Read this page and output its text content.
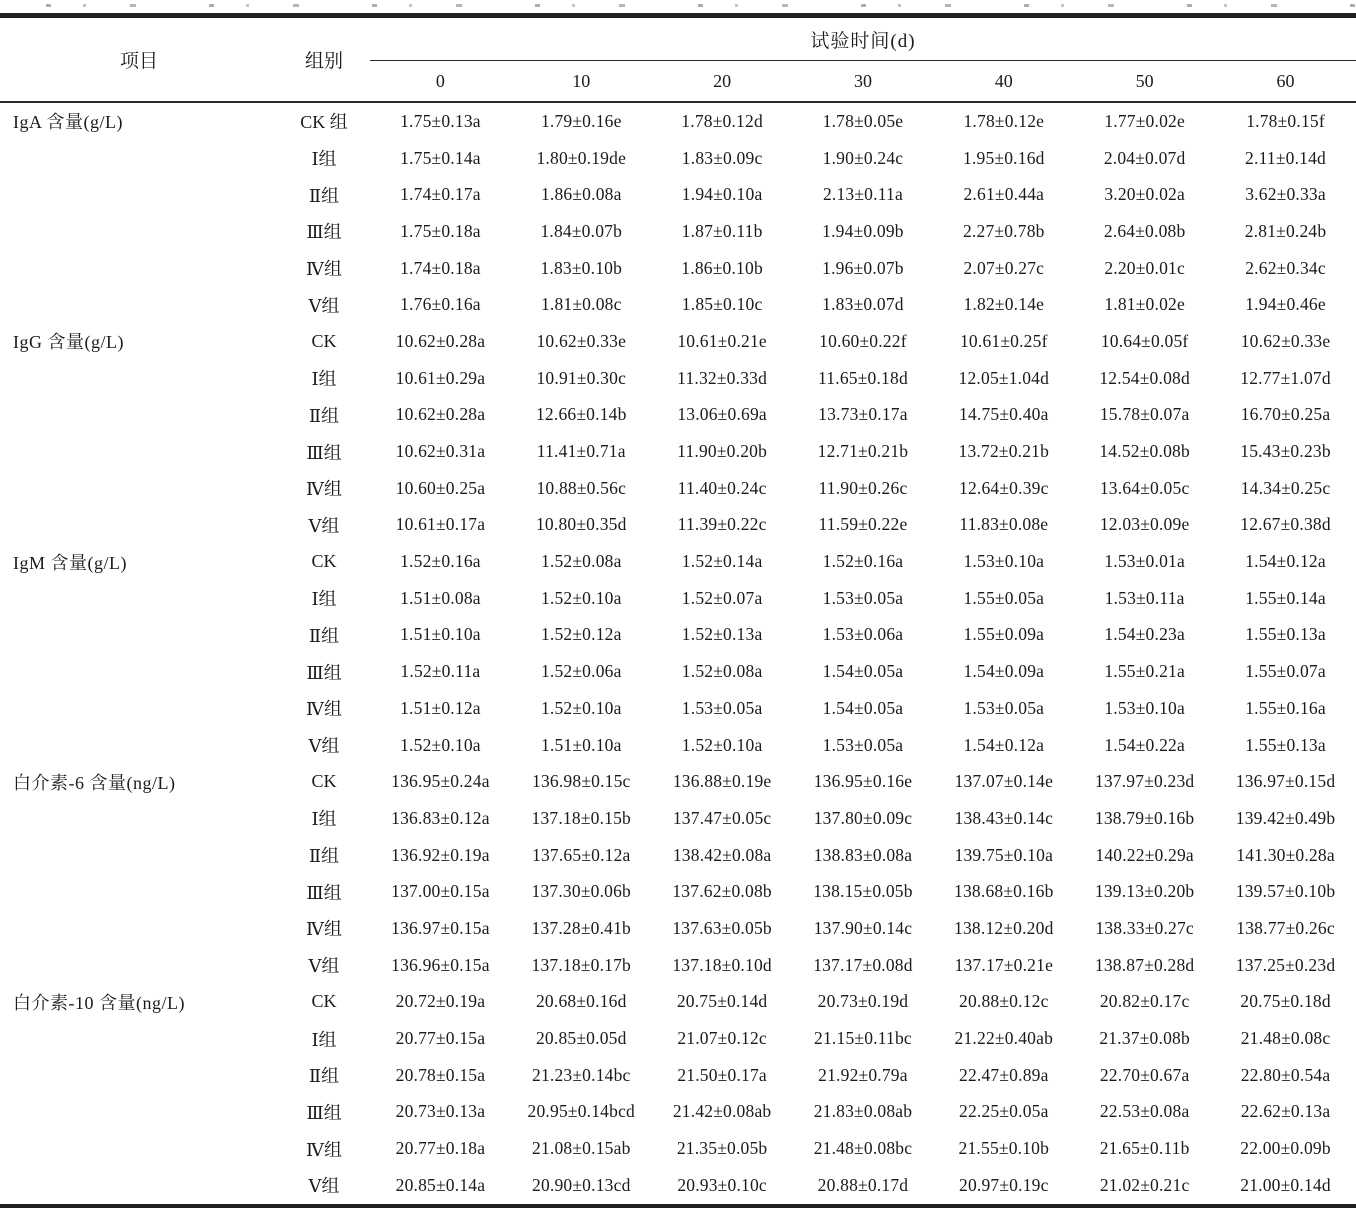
项目	组别	试验时间(d)						
		0	10	20	30	40	50	60
IgA 含量(g/L)	CK 组	1.75±0.13a	1.79±0.16e	1.78±0.12d	1.78±0.05e	1.78±0.12e	1.77±0.02e	1.78±0.15f
	Ⅰ组	1.75±0.14a	1.80±0.19de	1.83±0.09c	1.90±0.24c	1.95±0.16d	2.04±0.07d	2.11±0.14d
	Ⅱ组	1.74±0.17a	1.86±0.08a	1.94±0.10a	2.13±0.11a	2.61±0.44a	3.20±0.02a	3.62±0.33a
	Ⅲ组	1.75±0.18a	1.84±0.07b	1.87±0.11b	1.94±0.09b	2.27±0.78b	2.64±0.08b	2.81±0.24b
	Ⅳ组	1.74±0.18a	1.83±0.10b	1.86±0.10b	1.96±0.07b	2.07±0.27c	2.20±0.01c	2.62±0.34c
	Ⅴ组	1.76±0.16a	1.81±0.08c	1.85±0.10c	1.83±0.07d	1.82±0.14e	1.81±0.02e	1.94±0.46e
IgG 含量(g/L)	CK	10.62±0.28a	10.62±0.33e	10.61±0.21e	10.60±0.22f	10.61±0.25f	10.64±0.05f	10.62±0.33e
	Ⅰ组	10.61±0.29a	10.91±0.30c	11.32±0.33d	11.65±0.18d	12.05±1.04d	12.54±0.08d	12.77±1.07d
	Ⅱ组	10.62±0.28a	12.66±0.14b	13.06±0.69a	13.73±0.17a	14.75±0.40a	15.78±0.07a	16.70±0.25a
	Ⅲ组	10.62±0.31a	11.41±0.71a	11.90±0.20b	12.71±0.21b	13.72±0.21b	14.52±0.08b	15.43±0.23b
	Ⅳ组	10.60±0.25a	10.88±0.56c	11.40±0.24c	11.90±0.26c	12.64±0.39c	13.64±0.05c	14.34±0.25c
	Ⅴ组	10.61±0.17a	10.80±0.35d	11.39±0.22c	11.59±0.22e	11.83±0.08e	12.03±0.09e	12.67±0.38d
IgM 含量(g/L)	CK	1.52±0.16a	1.52±0.08a	1.52±0.14a	1.52±0.16a	1.53±0.10a	1.53±0.01a	1.54±0.12a
	Ⅰ组	1.51±0.08a	1.52±0.10a	1.52±0.07a	1.53±0.05a	1.55±0.05a	1.53±0.11a	1.55±0.14a
	Ⅱ组	1.51±0.10a	1.52±0.12a	1.52±0.13a	1.53±0.06a	1.55±0.09a	1.54±0.23a	1.55±0.13a
	Ⅲ组	1.52±0.11a	1.52±0.06a	1.52±0.08a	1.54±0.05a	1.54±0.09a	1.55±0.21a	1.55±0.07a
	Ⅳ组	1.51±0.12a	1.52±0.10a	1.53±0.05a	1.54±0.05a	1.53±0.05a	1.53±0.10a	1.55±0.16a
	Ⅴ组	1.52±0.10a	1.51±0.10a	1.52±0.10a	1.53±0.05a	1.54±0.12a	1.54±0.22a	1.55±0.13a
白介素-6 含量(ng/L)	CK	136.95±0.24a	136.98±0.15c	136.88±0.19e	136.95±0.16e	137.07±0.14e	137.97±0.23d	136.97±0.15d
	Ⅰ组	136.83±0.12a	137.18±0.15b	137.47±0.05c	137.80±0.09c	138.43±0.14c	138.79±0.16b	139.42±0.49b
	Ⅱ组	136.92±0.19a	137.65±0.12a	138.42±0.08a	138.83±0.08a	139.75±0.10a	140.22±0.29a	141.30±0.28a
	Ⅲ组	137.00±0.15a	137.30±0.06b	137.62±0.08b	138.15±0.05b	138.68±0.16b	139.13±0.20b	139.57±0.10b
	Ⅳ组	136.97±0.15a	137.28±0.41b	137.63±0.05b	137.90±0.14c	138.12±0.20d	138.33±0.27c	138.77±0.26c
	Ⅴ组	136.96±0.15a	137.18±0.17b	137.18±0.10d	137.17±0.08d	137.17±0.21e	138.87±0.28d	137.25±0.23d
白介素-10 含量(ng/L)	CK	20.72±0.19a	20.68±0.16d	20.75±0.14d	20.73±0.19d	20.88±0.12c	20.82±0.17c	20.75±0.18d
	Ⅰ组	20.77±0.15a	20.85±0.05d	21.07±0.12c	21.15±0.11bc	21.22±0.40ab	21.37±0.08b	21.48±0.08c
	Ⅱ组	20.78±0.15a	21.23±0.14bc	21.50±0.17a	21.92±0.79a	22.47±0.89a	22.70±0.67a	22.80±0.54a
	Ⅲ组	20.73±0.13a	20.95±0.14bcd	21.42±0.08ab	21.83±0.08ab	22.25±0.05a	22.53±0.08a	22.62±0.13a
	Ⅳ组	20.77±0.18a	21.08±0.15ab	21.35±0.05b	21.48±0.08bc	21.55±0.10b	21.65±0.11b	22.00±0.09b
	Ⅴ组	20.85±0.14a	20.90±0.13cd	20.93±0.10c	20.88±0.17d	20.97±0.19c	21.02±0.21c	21.00±0.14d
